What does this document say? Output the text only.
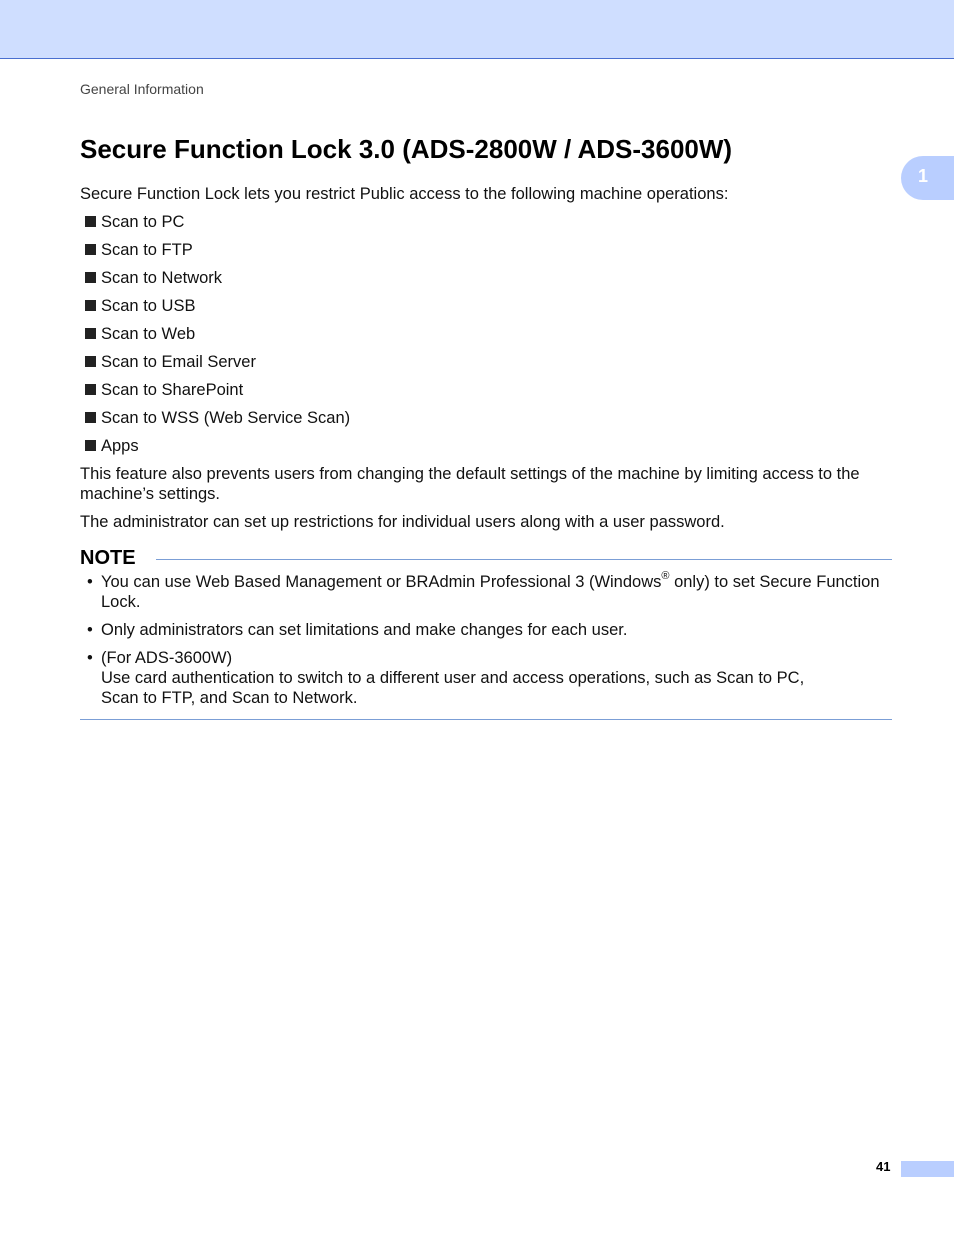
General Information
1
Secure Function Lock 3.0 (ADS-2800W / ADS-3600W)

Secure Function Lock lets you restrict Public access to the following machine operations:

Scan to PC
Scan to FTP
Scan to Network
Scan to USB
Scan to Web
Scan to Email Server
Scan to SharePoint
Scan to WSS (Web Service Scan)
Apps

This feature also prevents users from changing the default settings of the machine by limiting access to the machine’s settings.

The administrator can set up restrictions for individual users along with a user password.

NOTE
• You can use Web Based Management or BRAdmin Professional 3 (Windows® only) to set Secure Function Lock.
• Only administrators can set limitations and make changes for each user.
• (For ADS-3600W)
Use card authentication to switch to a different user and access operations, such as Scan to PC,
Scan to FTP, and Scan to Network.
41
